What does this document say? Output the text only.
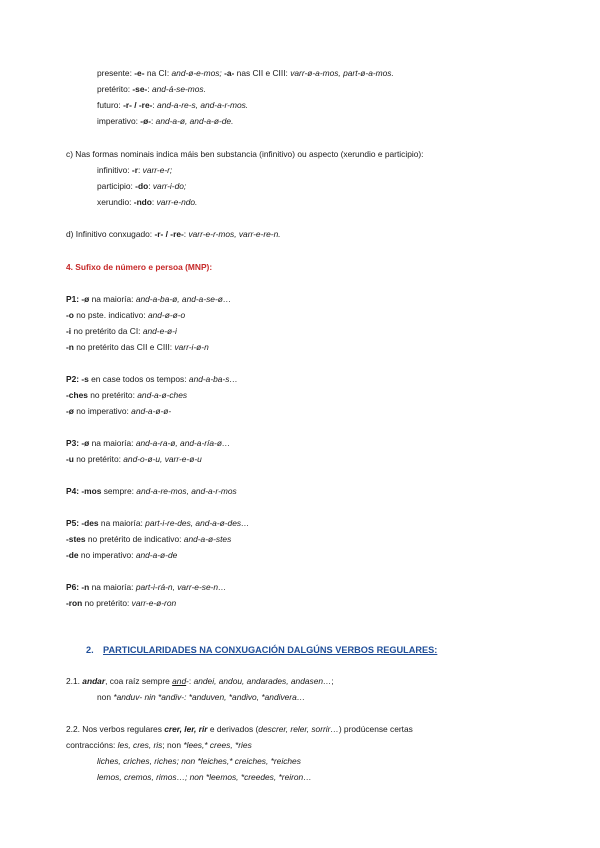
presente: -e- na CI: and-ø-e-mos; -a- nas CII e CIII: varr-ø-a-mos, part-ø-a-mos.
pretérito: -se-: and-á-se-mos.
futuro: -r- / -re-: and-a-re-s, and-a-r-mos.
imperativo: -ø-: and-a-ø, and-a-ø-de.
c) Nas formas nominais indica máis ben substancia (infinitivo) ou aspecto (xerundio e participio):
infinitivo: -r: varr-e-r;
participio: -do: varr-i-do;
xerundio: -ndo: varr-e-ndo.
d) Infinitivo conxugado: -r- / -re-: varr-e-r-mos, varr-e-re-n.
4. Sufixo de número e persoa (MNP):
P1: -ø na maioría: and-a-ba-ø, and-a-se-ø…
-o no pste. indicativo: and-ø-ø-o
-i no pretérito da CI: and-e-ø-i
-n no pretérito das CII e CIII: varr-i-ø-n
P2: -s en case todos os tempos: and-a-ba-s…
-ches no pretérito: and-a-ø-ches
-ø no imperativo: and-a-ø-ø-
P3: -ø na maioría: and-a-ra-ø, and-a-ría-ø…
-u no pretérito: and-o-ø-u, varr-e-ø-u
P4: -mos sempre: and-a-re-mos, and-a-r-mos
P5: -des na maioría: part-i-re-des, and-a-ø-des…
-stes no pretérito de indicativo: and-a-ø-stes
-de no imperativo: and-a-ø-de
P6: -n na maioría: part-i-rá-n, varr-e-se-n…
-ron no pretérito: varr-e-ø-ron
2. PARTICULARIDADES NA CONXUGACIÓN DALGÚNS VERBOS REGULARES:
2.1. andar, coa raíz sempre and-: andei, andou, andarades, andasen…;
non *anduv- nin *andiv-: *anduven, *andivo, *andivera…
2.2. Nos verbos regulares crer, ler, rir e derivados (descrer, reler, sorrir…) prodúcense certas
contraccións: les, cres, ris; non *lees,* crees, *ries
liches, criches, riches; non *leiches,* creiches, *reiches
lemos, cremos, rimos…; non *leemos, *creedes, *reiron…
